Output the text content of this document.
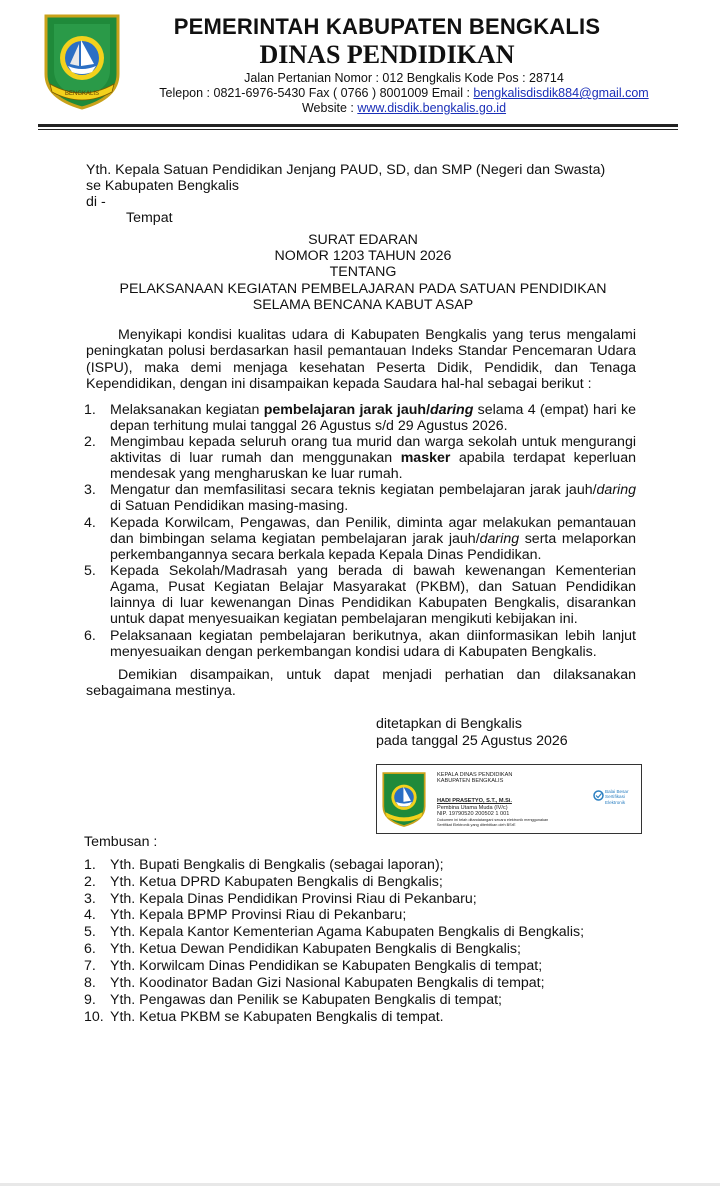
BENGKALIS
PEMERINTAH KABUPATEN BENGKALIS
DINAS PENDIDIKAN
Jalan Pertanian Nomor : 012 Bengkalis Kode Pos : 28714
Telepon : 0821-6976-5430 Fax ( 0766 ) 8001009 Email : bengkalisdisdik884@gmail.com
Website : www.disdik.bengkalis.go.id
Yth. Kepala Satuan Pendidikan Jenjang PAUD, SD, dan SMP (Negeri dan Swasta)
se Kabupaten Bengkalis
di -
Tempat
SURAT EDARAN
NOMOR 1203 TAHUN 2026
TENTANG
PELAKSANAAN KEGIATAN PEMBELAJARAN PADA SATUAN PENDIDIKAN
SELAMA BENCANA KABUT ASAP
Menyikapi kondisi kualitas udara di Kabupaten Bengkalis yang terus mengalami peningkatan polusi berdasarkan hasil pemantauan Indeks Standar Pencemaran Udara (ISPU), maka demi menjaga kesehatan Peserta Didik, Pendidik, dan Tenaga Kependidikan, dengan ini disampaikan kepada Saudara hal-hal sebagai berikut :
1. Melaksanakan kegiatan pembelajaran jarak jauh/daring selama 4 (empat) hari ke depan terhitung mulai tanggal 26 Agustus s/d 29 Agustus 2026.
2. Mengimbau kepada seluruh orang tua murid dan warga sekolah untuk mengurangi aktivitas di luar rumah dan menggunakan masker apabila terdapat keperluan mendesak yang mengharuskan ke luar rumah.
3. Mengatur dan memfasilitasi secara teknis kegiatan pembelajaran jarak jauh/daring di Satuan Pendidikan masing-masing.
4. Kepada Korwilcam, Pengawas, dan Penilik, diminta agar melakukan pemantauan dan bimbingan selama kegiatan pembelajaran jarak jauh/daring serta melaporkan perkembangannya secara berkala kepada Kepala Dinas Pendidikan.
5. Kepada Sekolah/Madrasah yang berada di bawah kewenangan Kementerian Agama, Pusat Kegiatan Belajar Masyarakat (PKBM), dan Satuan Pendidikan lainnya di luar kewenangan Dinas Pendidikan Kabupaten Bengkalis, disarankan untuk dapat menyesuaikan kegiatan pembelajaran mengikuti kebijakan ini.
6. Pelaksanaan kegiatan pembelajaran berikutnya, akan diinformasikan lebih lanjut menyesuaikan dengan perkembangan kondisi udara di Kabupaten Bengkalis.
Demikian disampaikan, untuk dapat menjadi perhatian dan dilaksanakan sebagaimana mestinya.
ditetapkan di Bengkalis
pada tanggal 25 Agustus 2026
KEPALA DINAS PENDIDIKAN
KABUPATEN BENGKALIS
HADI PRASETYO, S.T., M.Si.
Pembina Utama Muda (IV/c)
NIP. 19790520 200502 1 001
Dokumen ini telah ditandatangani secara elektronik menggunakan
Sertifikat Elektronik yang diterbitkan oleh BSrE
Balai Besar
Sertifikasi
Elektronik
Tembusan :
1. Yth. Bupati Bengkalis di Bengkalis (sebagai laporan);
2. Yth. Ketua DPRD Kabupaten Bengkalis di Bengkalis;
3. Yth. Kepala Dinas Pendidikan Provinsi Riau di Pekanbaru;
4. Yth. Kepala BPMP Provinsi Riau di Pekanbaru;
5. Yth. Kepala Kantor Kementerian Agama Kabupaten Bengkalis di Bengkalis;
6. Yth. Ketua Dewan Pendidikan Kabupaten Bengkalis di Bengkalis;
7. Yth. Korwilcam Dinas Pendidikan se Kabupaten Bengkalis di tempat;
8. Yth. Koodinator Badan Gizi Nasional Kabupaten Bengkalis di tempat;
9. Yth. Pengawas dan Penilik se Kabupaten Bengkalis di tempat;
10. Yth. Ketua PKBM se Kabupaten Bengkalis di tempat.
